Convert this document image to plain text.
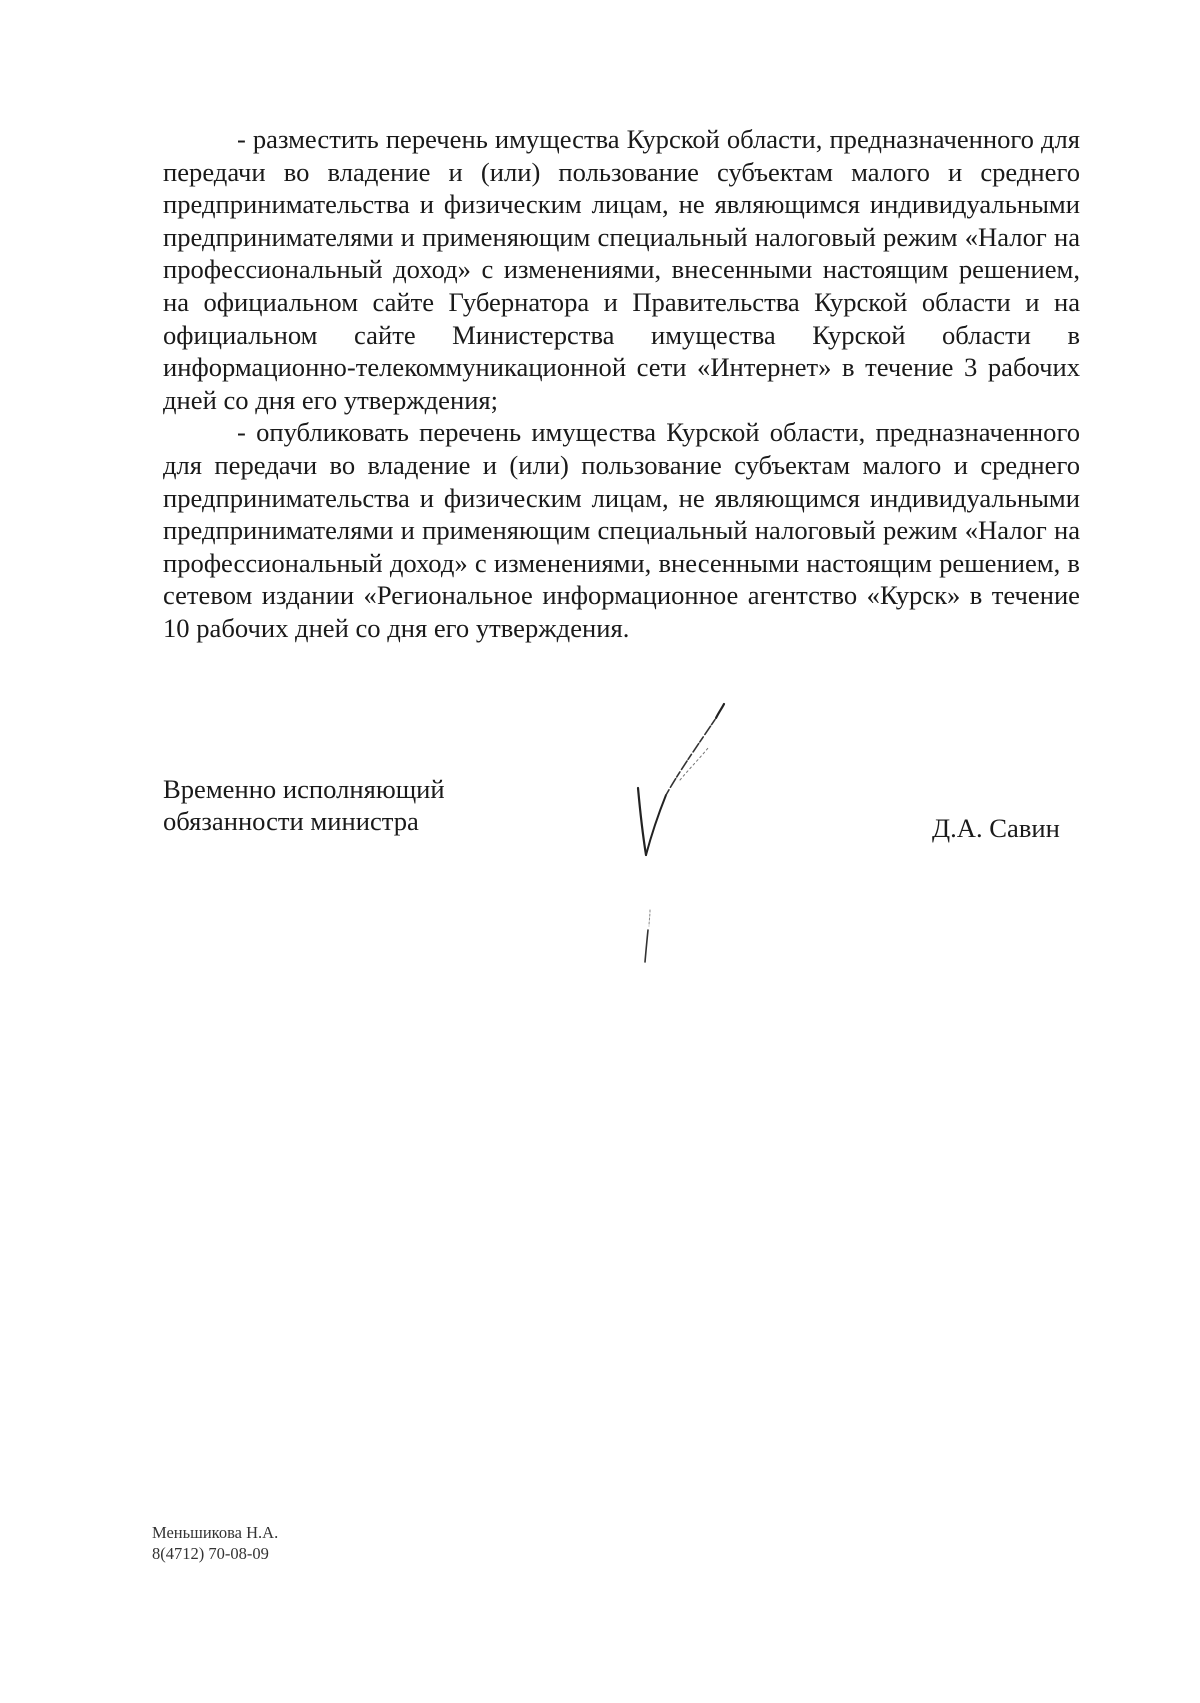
- разместить перечень имущества Курской области, предназначенного для передачи во владение и (или) пользование субъектам малого и среднего предпринимательства и физическим лицам, не являющимся индивидуальными предпринимателями и применяющим специальный налоговый режим «Налог на профессиональный доход» с изменениями, внесенными настоящим решением, на официальном сайте Губернатора и Правительства Курской области и на официальном сайте Министерства имущества Курской области в информационно-телекоммуникационной сети «Интернет» в течение 3 рабочих дней со дня его утверждения;

- опубликовать перечень имущества Курской области, предназначенного для передачи во владение и (или) пользование субъектам малого и среднего предпринимательства и физическим лицам, не являющимся индивидуальными предпринимателями и применяющим специальный налоговый режим «Налог на профессиональный доход» с изменениями, внесенными настоящим решением, в сетевом издании «Региональное информационное агентство «Курск» в течение 10 рабочих дней со дня его утверждения.

Временно исполняющий
обязанности министра	Д.А. Савин
Меньшикова Н.А.
8(4712) 70-08-09
